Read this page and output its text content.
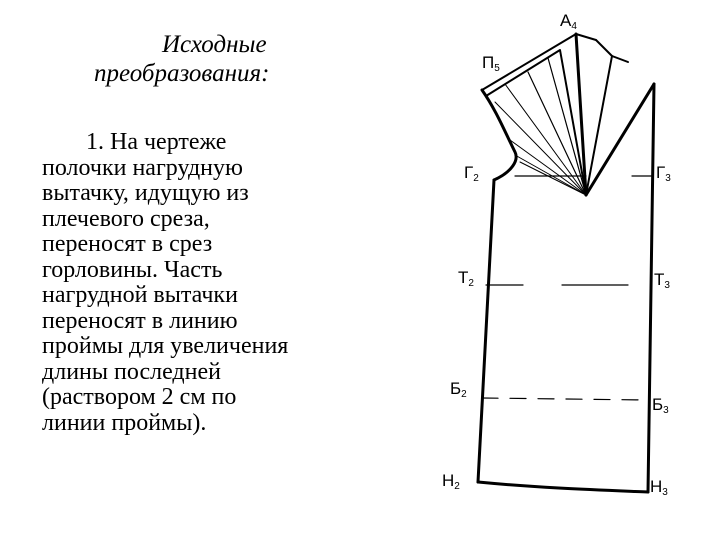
Исходные
преобразования:
1. На чертеже
полочки нагрудную
вытачку, идущую из
плечевого среза,
переносят в срез
горловины. Часть
нагрудной вытачки
переносят в линию
проймы для увеличения
длины последней
(раствором 2 см по
линии проймы).
А4
П5
Г2	Г3
Т2	Т3
Б2
Б3
Н2	Н3
